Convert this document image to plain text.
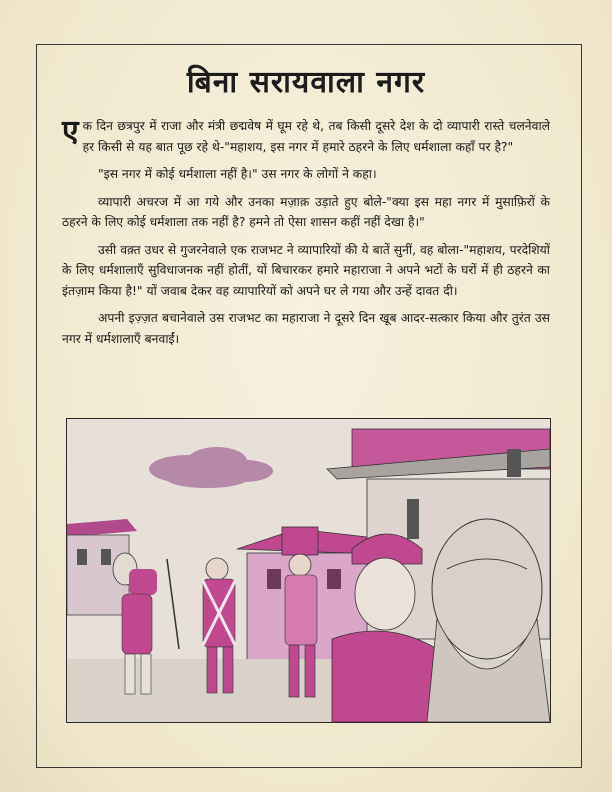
बिना सरायवाला नगर

ए क दिन छत्रपुर में राजा और मंत्री छद्मवेष में घूम रहे थे, तब किसी दूसरे देश के दो व्यापारी रास्ते चलनेवाले हर किसी से यह बात पूछ रहे थे-"महाशय, इस नगर में हमारे ठहरने के लिए धर्मशाला कहाँ पर है?"

"इस नगर में कोई धर्मशाला नहीं है।" उस नगर के लोगों ने कहा।

व्यापारी अचरज में आ गये और उनका मज़ाक़ उड़ाते हुए बोले-"क्या इस महा नगर में मुसाफ़िरों के ठहरने के लिए कोई धर्मशाला तक नहीं है? हमने तो ऐसा शासन कहीं नहीं देखा है।"

उसी वक़्त उधर से गुजरनेवाले एक राजभट ने व्यापारियों की ये बातें सुनीं, वह बोला-"महाशय, परदेशियों के लिए धर्मशालाएँ सुविधाजनक नहीं होतीं, यों बिचारकर हमारे महाराजा ने अपने भटों के घरों में ही ठहरने का इंतज़ाम किया है!" यों जवाब देकर वह व्यापारियों को अपने घर ले गया और उन्हें दावत दी।

अपनी इज़्ज़त बचानेवाले उस राजभट का महाराजा ने दूसरे दिन खूब आदर-सत्कार किया और तुरंत उस नगर में धर्मशालाएँ बनवाईं।
